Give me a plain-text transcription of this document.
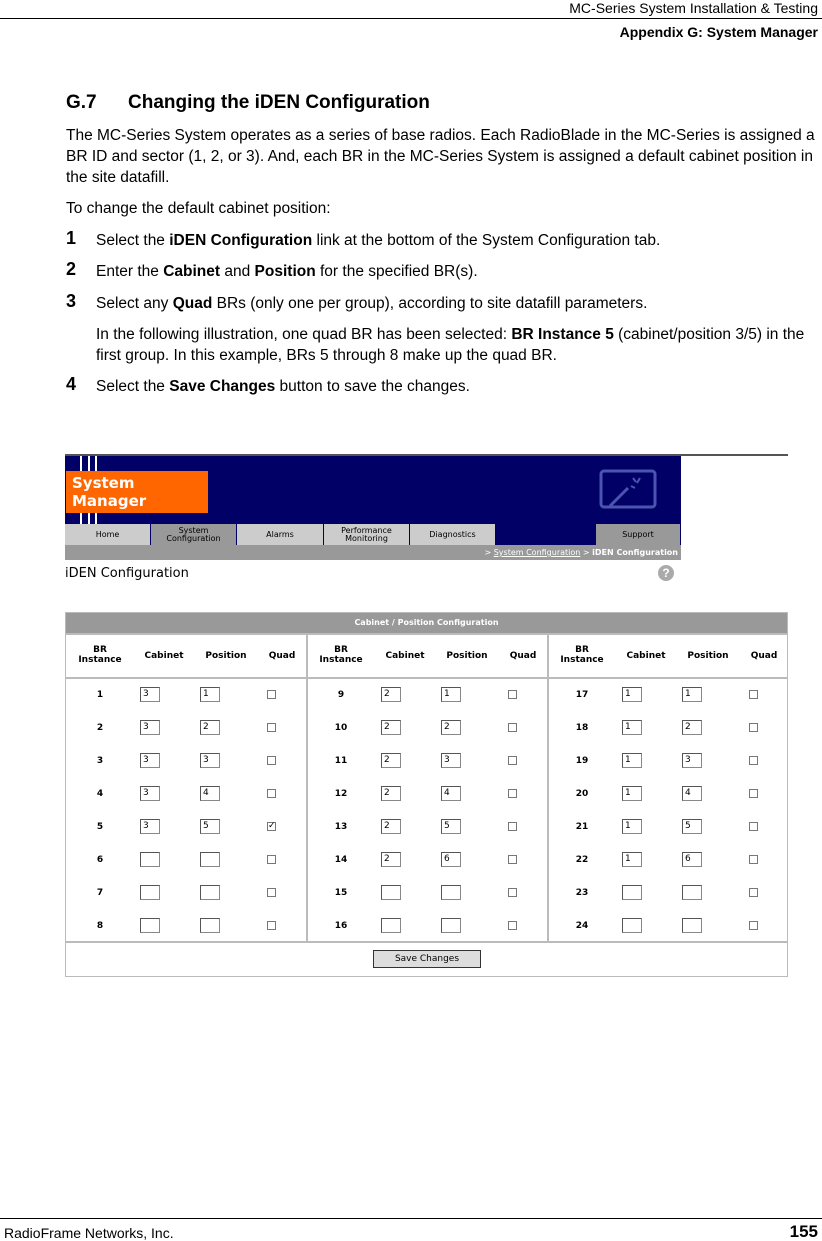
MC-Series System Installation & Testing
Appendix G: System Manager
G.7 Changing the iDEN Configuration
The MC-Series System operates as a series of base radios. Each RadioBlade in the MC-Series is assigned a BR ID and sector (1, 2, or 3). And, each BR in the MC-Series System is assigned a default cabinet position in the site datafill.
To change the default cabinet position:
1 Select the iDEN Configuration link at the bottom of the System Configuration tab.
2 Enter the Cabinet and Position for the specified BR(s).
3 Select any Quad BRs (only one per group), according to site datafill parameters.
In the following illustration, one quad BR has been selected: BR Instance 5 (cabinet/position 3/5) in the first group. In this example, BRs 5 through 8 make up the quad BR.
4 Select the Save Changes button to save the changes.
System Manager
Home	System Configuration	Alarms	Performance Monitoring	Diagnostics	Support
> System Configuration > iDEN Configuration
iDEN Configuration	?
Cabinet / Position Configuration
Save Changes
BR Instance	Cabinet	Position	Quad
1	3	1
2	3	2
3	3	3
4	3	4
5	3	5	✓
6
7
8
BR Instance	Cabinet	Position	Quad
9	2	1
10	2	2
11	2	3
12	2	4
13	2	5
14	2	6
15
16
BR Instance	Cabinet	Position	Quad
17	1	1
18	1	2
19	1	3
20	1	4
21	1	5
22	1	6
23
24
RadioFrame Networks, Inc.	155
